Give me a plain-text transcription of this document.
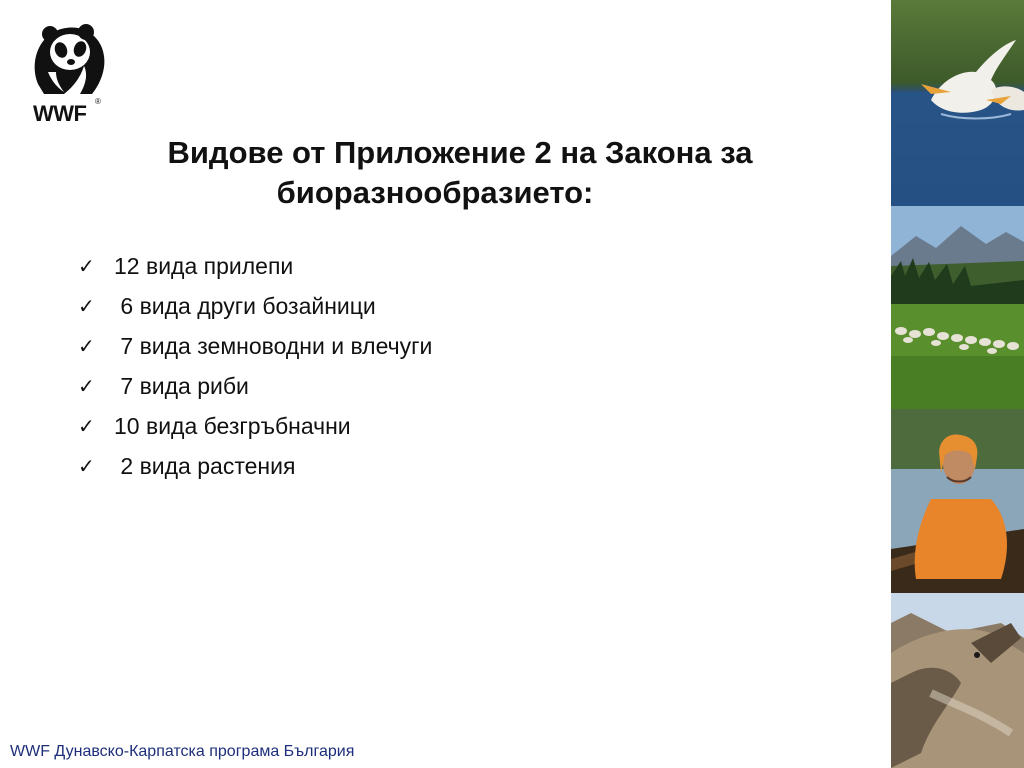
WWF ®
Видове от Приложение 2 на Закона за
биоразнообразието:
✓ 12 вида прилепи
✓ 6 вида други бозайници
✓ 7 вида земноводни и влечуги
✓ 7 вида риби
✓ 10 вида безгръбначни
✓ 2 вида растения
WWF Дунавско-Карпатска програма България
